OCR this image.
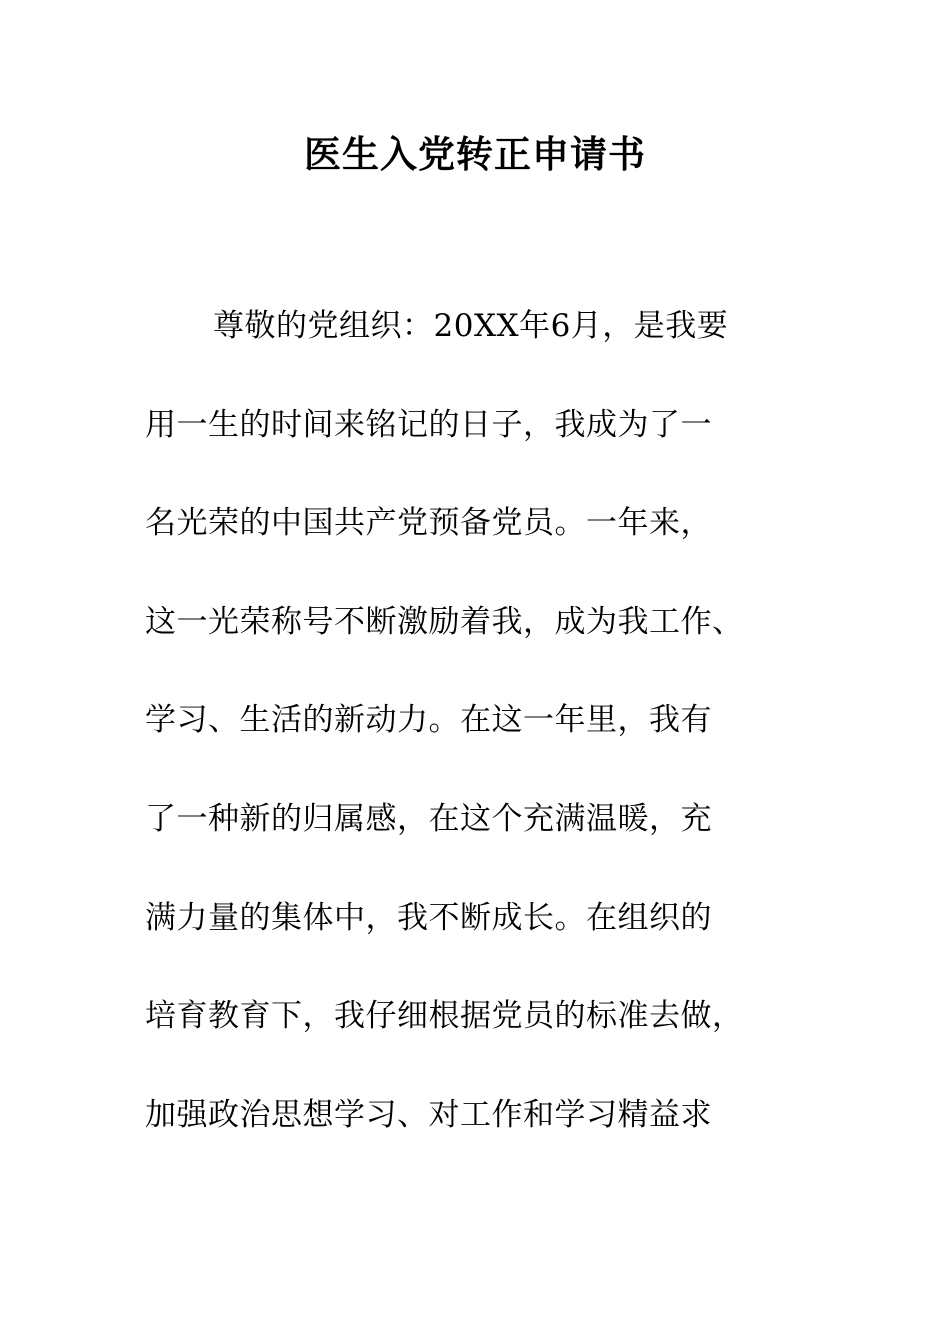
医生入党转正申请书
尊敬的党组织：20XX年6月，是我要
用一生的时间来铭记的日子，我成为了一
名光荣的中国共产党预备党员。一年来，
这一光荣称号不断激励着我，成为我工作、
学习、生活的新动力。在这一年里，我有
了一种新的归属感，在这个充满温暖，充
满力量的集体中，我不断成长。在组织的
培育教育下，我仔细根据党员的标准去做，
加强政治思想学习、对工作和学习精益求
